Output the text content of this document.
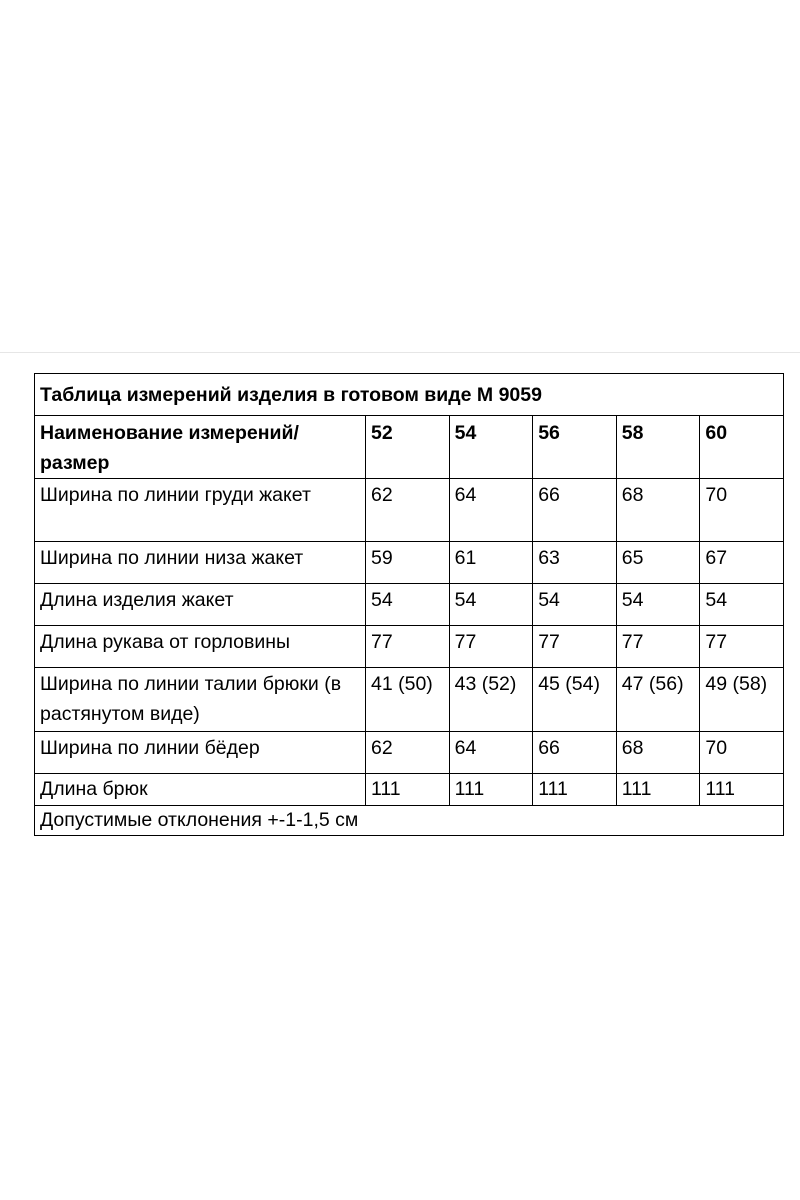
Таблица измерений изделия в готовом виде М 9059					
Наименование измерений/размер	52	54	56	58	60
Ширина по линии груди жакет	62	64	66	68	70
Ширина по линии низа жакет	59	61	63	65	67
Длина изделия жакет	54	54	54	54	54
Длина рукава от горловины	77	77	77	77	77
Ширина по линии талии брюки (в растянутом виде)	41 (50)	43 (52)	45 (54)	47 (56)	49 (58)
Ширина по линии бёдер	62	64	66	68	70
Длина брюк	111	111	111	111	111
Допустимые отклонения +-1-1,5 см					
